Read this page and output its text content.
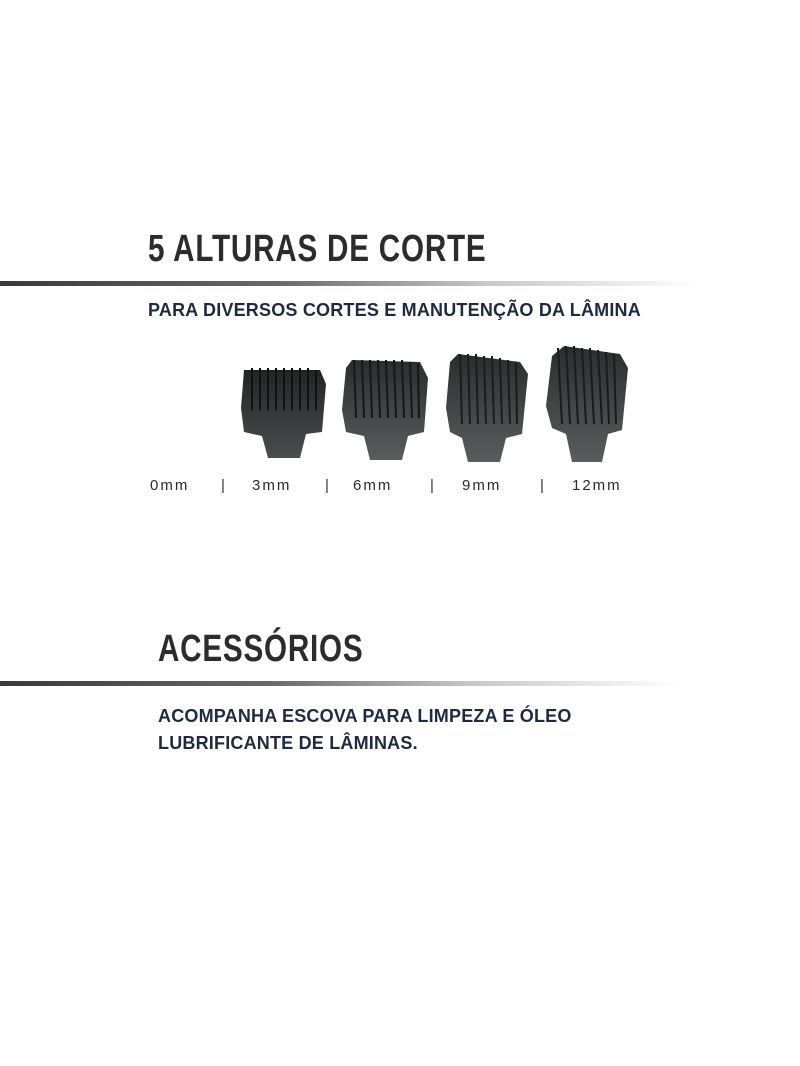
5 ALTURAS DE CORTE
PARA DIVERSOS CORTES E MANUTENÇÃO DA LÂMINA
0mm | 3mm | 6mm	| 9mm	| 12mm
ACESSÓRIOS
ACOMPANHA ESCOVA PARA LIMPEZA E ÓLEO
LUBRIFICANTE DE LÂMINAS.
